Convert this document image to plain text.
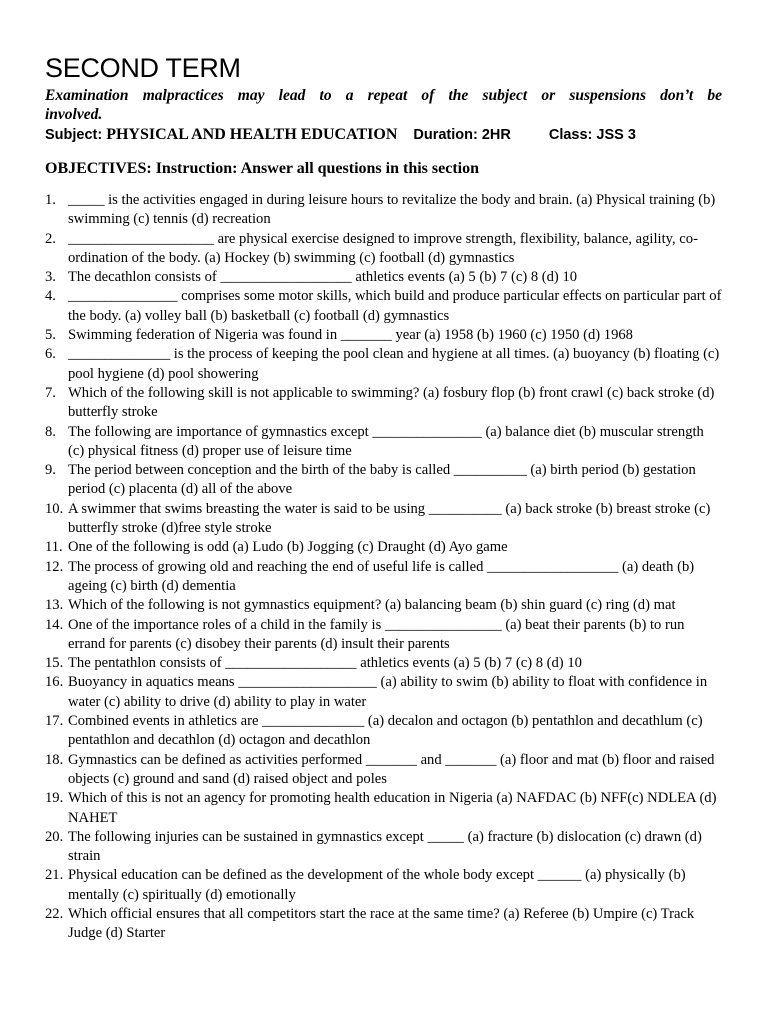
SECOND TERM

Examination malpractices may lead to a repeat of the subject or suspensions don’t be

involved.

Subject: PHYSICAL AND HEALTH EDUCATION Duration: 2HR	Class: JSS 3
OBJECTIVES: Instruction: Answer all questions in this section
1. _____ is the activities engaged in during leisure hours to revitalize the body and brain. (a) Physical training (b) swimming (c) tennis (d) recreation
2. ____________________ are physical exercise designed to improve strength, flexibility, balance, agility, co-ordination of the body. (a) Hockey (b) swimming (c) football (d) gymnastics
3. The decathlon consists of __________________ athletics events (a) 5 (b) 7 (c) 8 (d) 10
4. _______________ comprises some motor skills, which build and produce particular effects on particular part of the body. (a) volley ball (b) basketball (c) football (d) gymnastics
5. Swimming federation of Nigeria was found in _______ year (a) 1958 (b) 1960 (c) 1950 (d) 1968
6. ______________ is the process of keeping the pool clean and hygiene at all times. (a) buoyancy (b) floating (c) pool hygiene (d) pool showering
7. Which of the following skill is not applicable to swimming? (a) fosbury flop (b) front crawl (c) back stroke (d) butterfly stroke
8. The following are importance of gymnastics except _______________ (a) balance diet (b) muscular strength (c) physical fitness (d) proper use of leisure time
9. The period between conception and the birth of the baby is called __________ (a) birth period (b) gestation period (c) placenta (d) all of the above
10. A swimmer that swims breasting the water is said to be using __________ (a) back stroke (b) breast stroke (c) butterfly stroke (d)free style stroke
11. One of the following is odd (a) Ludo (b) Jogging (c) Draught (d) Ayo game
12. The process of growing old and reaching the end of useful life is called __________________ (a) death (b) ageing (c) birth (d) dementia
13. Which of the following is not gymnastics equipment? (a) balancing beam (b) shin guard (c) ring (d) mat
14. One of the importance roles of a child in the family is ________________ (a) beat their parents (b) to run errand for parents (c) disobey their parents (d) insult their parents
15. The pentathlon consists of __________________ athletics events (a) 5 (b) 7 (c) 8 (d) 10
16. Buoyancy in aquatics means ___________________ (a) ability to swim (b) ability to float with confidence in water (c) ability to drive (d) ability to play in water
17. Combined events in athletics are ______________ (a) decalon and octagon (b) pentathlon and decathlum (c) pentathlon and decathlon (d) octagon and decathlon
18. Gymnastics can be defined as activities performed _______ and _______ (a) floor and mat (b) floor and raised objects (c) ground and sand (d) raised object and poles
19. Which of this is not an agency for promoting health education in Nigeria (a) NAFDAC (b) NFF(c) NDLEA (d) NAHET
20. The following injuries can be sustained in gymnastics except _____ (a) fracture (b) dislocation (c) drawn (d) strain
21. Physical education can be defined as the development of the whole body except ______ (a) physically (b) mentally (c) spiritually (d) emotionally
22. Which official ensures that all competitors start the race at the same time? (a) Referee (b) Umpire (c) Track Judge (d) Starter
